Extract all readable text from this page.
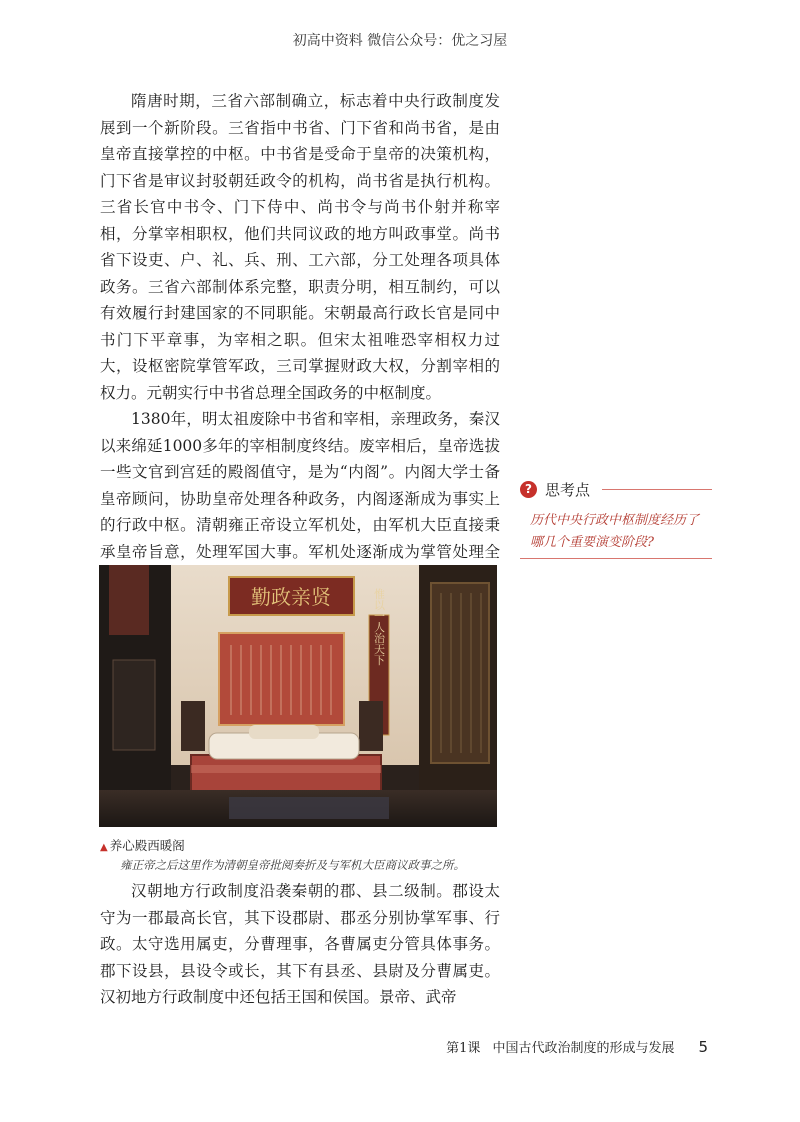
初高中资料 微信公众号：优之习屋

隋唐时期，三省六部制确立，标志着中央行政制度发展到一个新阶段。三省指中书省、门下省和尚书省，是由皇帝直接掌控的中枢。中书省是受命于皇帝的决策机构，门下省是审议封驳朝廷政令的机构，尚书省是执行机构。三省长官中书令、门下侍中、尚书令与尚书仆射并称宰相，分掌宰相职权，他们共同议政的地方叫政事堂。尚书省下设吏、户、礼、兵、刑、工六部，分工处理各项具体政务。三省六部制体系完整，职责分明，相互制约，可以有效履行封建国家的不同职能。宋朝最高行政长官是同中书门下平章事，为宰相之职。但宋太祖唯恐宰相权力过大，设枢密院掌管军政，三司掌握财政大权，分割宰相的权力。元朝实行中书省总理全国政务的中枢制度。

1380年，明太祖废除中书省和宰相，亲理政务，秦汉以来绵延1000多年的宰相制度终结。废宰相后，皇帝选拔一些文官到宫廷的殿阁值守，是为“内阁”。内阁大学士备皇帝顾问，协助皇帝处理各种政务，内阁逐渐成为事实上的行政中枢。清朝雍正帝设立军机处，由军机大臣直接秉承皇帝旨意，处理军国大事。军机处逐渐成为掌管处理全

? 思考点
历代中央行政中枢制度经历了哪几个重要演变阶段?
勤政亲贤	惟以一人治天下
▲ 养心殿西暖阁
雍正帝之后这里作为清朝皇帝批阅奏折及与军机大臣商议政事之所。

汉朝地方行政制度沿袭秦朝的郡、县二级制。郡设太守为一郡最高长官，其下设郡尉、郡丞分别协掌军事、行政。太守选用属吏，分曹理事，各曹属吏分管具体事务。郡下设县，县设令或长，其下有县丞、县尉及分曹属吏。汉初地方行政制度中还包括王国和侯国。景帝、武帝

第1课 中国古代政治制度的形成与发展 5
